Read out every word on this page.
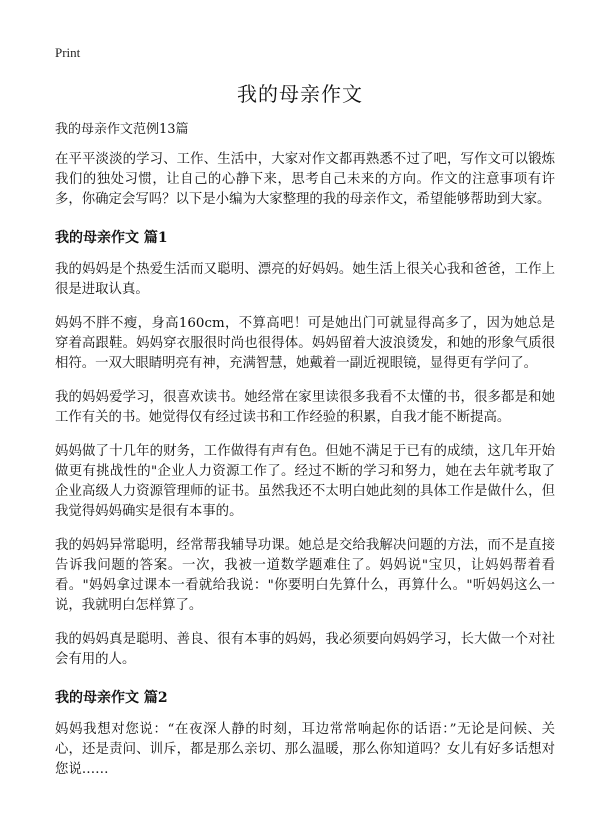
Print
我的母亲作文
我的母亲作文范例13篇

在平平淡淡的学习、工作、生活中，大家对作文都再熟悉不过了吧，写作文可以锻炼我们的独处习惯，让自己的心静下来，思考自己未来的方向。作文的注意事项有许多，你确定会写吗？以下是小编为大家整理的我的母亲作文，希望能够帮助到大家。

我的母亲作文 篇1

我的妈妈是个热爱生活而又聪明、漂亮的好妈妈。她生活上很关心我和爸爸，工作上很是进取认真。

妈妈不胖不瘦，身高160cm，不算高吧！可是她出门可就显得高多了，因为她总是穿着高跟鞋。妈妈穿衣服很时尚也很得体。妈妈留着大波浪烫发，和她的形象气质很相符。一双大眼睛明亮有神，充满智慧，她戴着一副近视眼镜，显得更有学问了。

我的妈妈爱学习，很喜欢读书。她经常在家里读很多我看不太懂的书，很多都是和她工作有关的书。她觉得仅有经过读书和工作经验的积累，自我才能不断提高。

妈妈做了十几年的财务，工作做得有声有色。但她不满足于已有的成绩，这几年开始做更有挑战性的"企业人力资源工作了。经过不断的学习和努力，她在去年就考取了企业高级人力资源管理师的证书。虽然我还不太明白她此刻的具体工作是做什么，但我觉得妈妈确实是很有本事的。

我的妈妈异常聪明，经常帮我辅导功课。她总是交给我解决问题的方法，而不是直接告诉我问题的答案。一次，我被一道数学题难住了。妈妈说"宝贝，让妈妈帮着看看。"妈妈拿过课本一看就给我说："你要明白先算什么，再算什么。"听妈妈这么一说，我就明白怎样算了。

我的妈妈真是聪明、善良、很有本事的妈妈，我必须要向妈妈学习，长大做一个对社会有用的人。

我的母亲作文 篇2

妈妈我想对您说：“在夜深人静的时刻，耳边常常响起你的话语：”无论是问候、关心，还是责问、训斥，都是那么亲切、那么温暖，那么你知道吗？女儿有好多话想对您说……
